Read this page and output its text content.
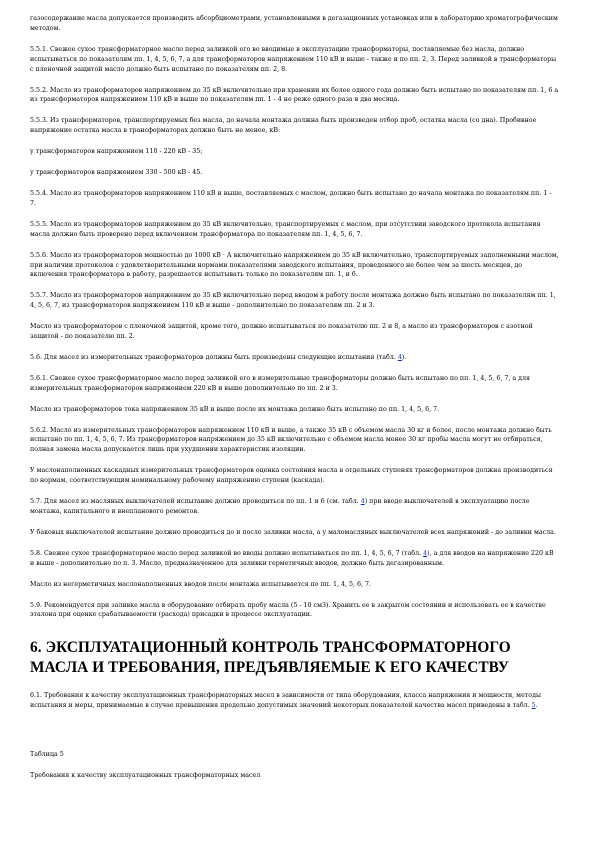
газосодержание масла допускается производить абсорбциометрами, установленными в дегазационных установках или в лабораторию хроматографическим методом.

5.5.1. Свежее сухое трансформаторное масло перед заливкой его во вводимые в эксплуатацию трансформаторы, поставляемые без масла, должно испытываться по показателям пп. 1, 4, 5, 6, 7, а для трансформаторов напряжением 110 кВ и выше - также и по пп. 2, 3. Перед заливкой в трансформаторы с пленочной защитой масло должно быть испытано по показателям пп. 2, 8.

5.5.2. Масло из трансформаторов напряжением до 35 кВ включительно при хранении их более одного года должно быть испытано по показателям пп. 1, 6 а из трансформаторов напряжением 110 кВ и выше по показателям пп. 1 - 4 не реже одного раза в два месяца.

5.5.3. Из трансформаторов, транспортируемых без масла, до начала монтажа должна быть произведен отбор проб, остатка масла (со дна). Пробивное напряжение остатка масла в трансформаторах должно быть не менее, кВ:

у трансформаторов напряжением 110 - 220 кВ - 35;

у трансформаторов напряжением 330 - 500 кВ - 45.

5.5.4. Масло из трансформаторов напряжением 110 кВ и выше, поставляемых с маслом, должно быть испытано до начала монтажа по показателям пп. 1 - 7.

5.5.5. Масло из трансформаторов напряжением до 35 кВ включительно, транспортируемых с маслом, при отсутствии заводского протокола испытания масла должно быть проверено перед включением трансформатора по показателям пп. 1, 4, 5, 6, 7.

5.5.6. Масло из трансформаторов мощностью до 1000 кВ · А включительно напряжением до 35 кВ включительно, транспортируемых заполненными маслом, при наличии протоколов с удовлетворительными нормами показателями заводского испытания, проведенного не более чем за шесть месяцев, до включения трансформатора в работу, разрешается испытывать только по показателям пп. 1, и 6.

5.5.7. Масло из трансформаторов напряжением до 35 кВ включительно перед вводом в работу после монтажа должно быть испытано по показателям пп. 1, 4, 5, 6, 7, из трансформаторов напряжением 110 кВ и выше - дополнительно по показателям пп. 2 и 3.

Масло из трансформаторов с пленочной защитой, кроме того, должно испытываться по показателю пп. 2 и 8, а масло из трансформаторов с азотной защитой - по показателю пп. 2.

5.6. Для масел из измерительных трансформаторов должны быть произведены следующие испытания (табл. 4).

5.6.1. Свежее сухое трансформаторное масло перед заливкой его в измерительные трансформаторы должно быть испытано по пп. 1, 4, 5, 6, 7, а для измерительных трансформаторов напряжением 220 кВ и выше дополнительно по пп. 2 и 3.

Масло из трансформаторов тока напряжением 35 кВ и выше после их монтажа должно быть испытано по пп. 1, 4, 5, 6, 7.

5.6.2. Масло из измерительных трансформаторов напряжением 110 кВ и выше, а также 35 кВ с объемом масла 30 кг и более, после монтажа должно быть испытано по пп. 1, 4, 5, 6, 7. Из трансформаторов напряжением до 35 кВ включительно с объемом масла менее 30 кг пробы масла могут не отбираться, полная замена масла допускается лишь при ухудшении характеристик изоляции.

У маслонаполненных каскадных измерительных трансформаторов оценка состояния масла в отдельных ступенях трансформаторов должна производиться по нормам, соответствующим номинальному рабочему напряжению ступени (каскада).

5.7. Для масел из масляных выключателей испытание должно проводиться по пп. 1 и 6 (см. табл. 4) при вводе выключателей в эксплуатацию после монтажа, капитального и внепланового ремонтов.

У баковых выключателей испытание должно проводиться до и после заливки масла, а у маломасляных выключателей всех напряжений - до заливки масла.

5.8. Свежее сухое трансформаторное масло перед заливкой во вводы должно испытываться по пп. 1, 4, 5, 6, 7 (табл. 4), а для вводов на напряжение 220 кВ и выше - дополнительно по п. 3. Масло, предназначенное для заливки герметичных вводов, должно быть дегазированным.

Масло из негерметичных маслонаполненных вводов после монтажа испытывается по пп. 1, 4, 5, 6, 7.

5.9. Рекомендуется при заливке масла в оборудование отбирать пробу масла (5 - 10 см3). Хранить ее в закрытом состоянии и использовать ее в качестве эталона при оценке срабатываемости (расхода) присадки в процессе эксплуатации.

6. ЭКСПЛУАТАЦИОННЫЙ КОНТРОЛЬ ТРАНСФОРМАТОРНОГО МАСЛА И ТРЕБОВАНИЯ, ПРЕДЪЯВЛЯЕМЫЕ К ЕГО КАЧЕСТВУ

6.1. Требования к качеству эксплуатационных трансформаторных масел в зависимости от типа оборудования, класса напряжения и мощности, методы испытания и меры, принимаемые в случае превышения предельно допустимых значений некоторых показателей качества масел приведены в табл. 5.

Таблица 5

Требования к качеству эксплуатационных трансформаторных масел
